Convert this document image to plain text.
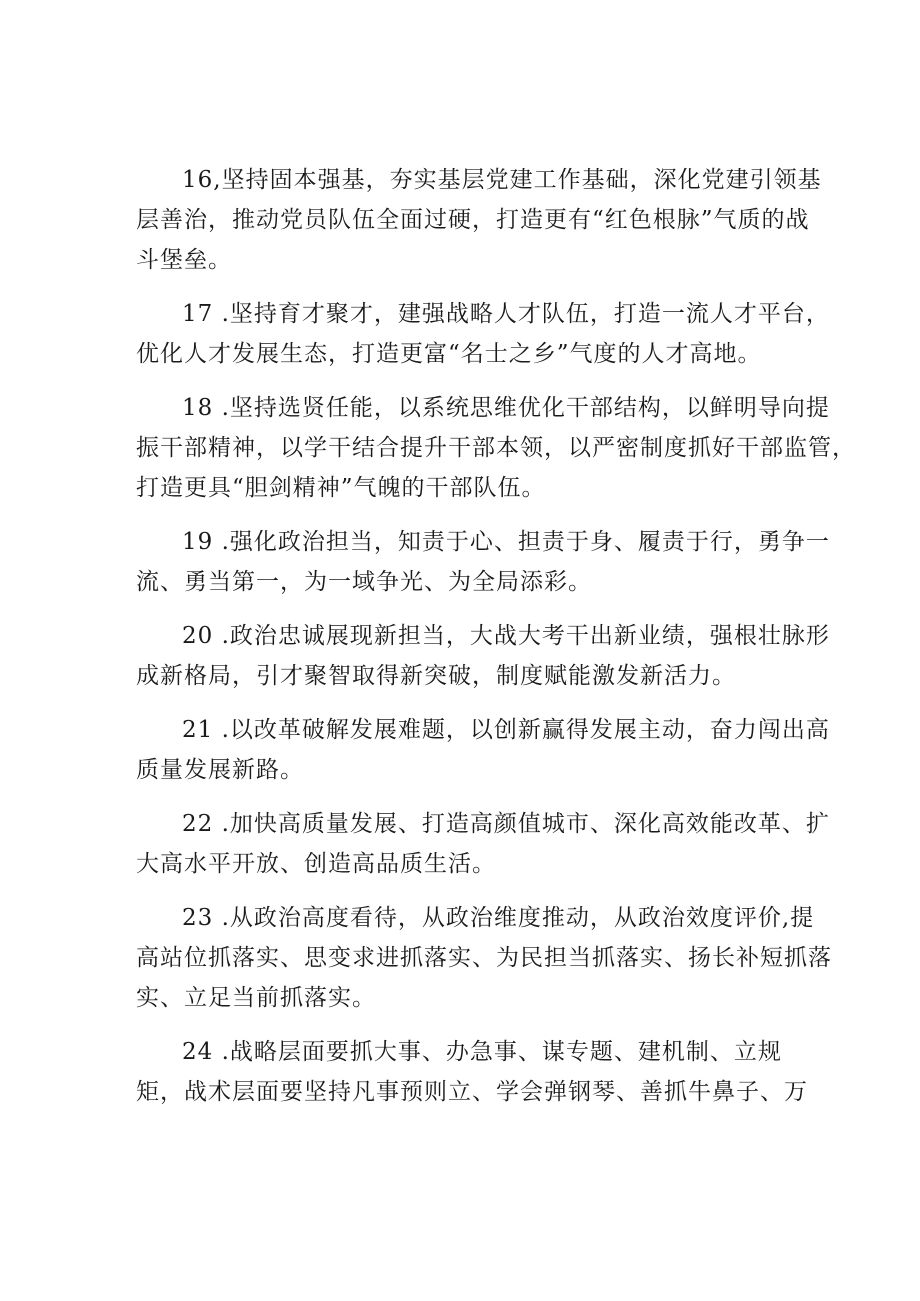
16,坚持固本强基，夯实基层党建工作基础，深化党建引领基
层善治，推动党员队伍全面过硬，打造更有“红色根脉”气质的战
斗堡垒。

17 .坚持育才聚才，建强战略人才队伍，打造一流人才平台，
优化人才发展生态，打造更富“名士之乡”气度的人才高地。

18 .坚持选贤任能，以系统思维优化干部结构，以鲜明导向提
振干部精神，以学干结合提升干部本领，以严密制度抓好干部监管，
打造更具“胆剑精神”气魄的干部队伍。

19 .强化政治担当，知责于心、担责于身、履责于行，勇争一
流、勇当第一，为一域争光、为全局添彩。

20 .政治忠诚展现新担当，大战大考干出新业绩，强根壮脉形
成新格局，引才聚智取得新突破，制度赋能激发新活力。

21 .以改革破解发展难题，以创新赢得发展主动，奋力闯出高
质量发展新路。

22 .加快高质量发展、打造高颜值城市、深化高效能改革、扩
大高水平开放、创造高品质生活。

23 .从政治高度看待，从政治维度推动，从政治效度评价,提
高站位抓落实、思变求进抓落实、为民担当抓落实、扬长补短抓落
实、立足当前抓落实。

24 .战略层面要抓大事、办急事、谋专题、建机制、立规
矩，战术层面要坚持凡事预则立、学会弹钢琴、善抓牛鼻子、万
